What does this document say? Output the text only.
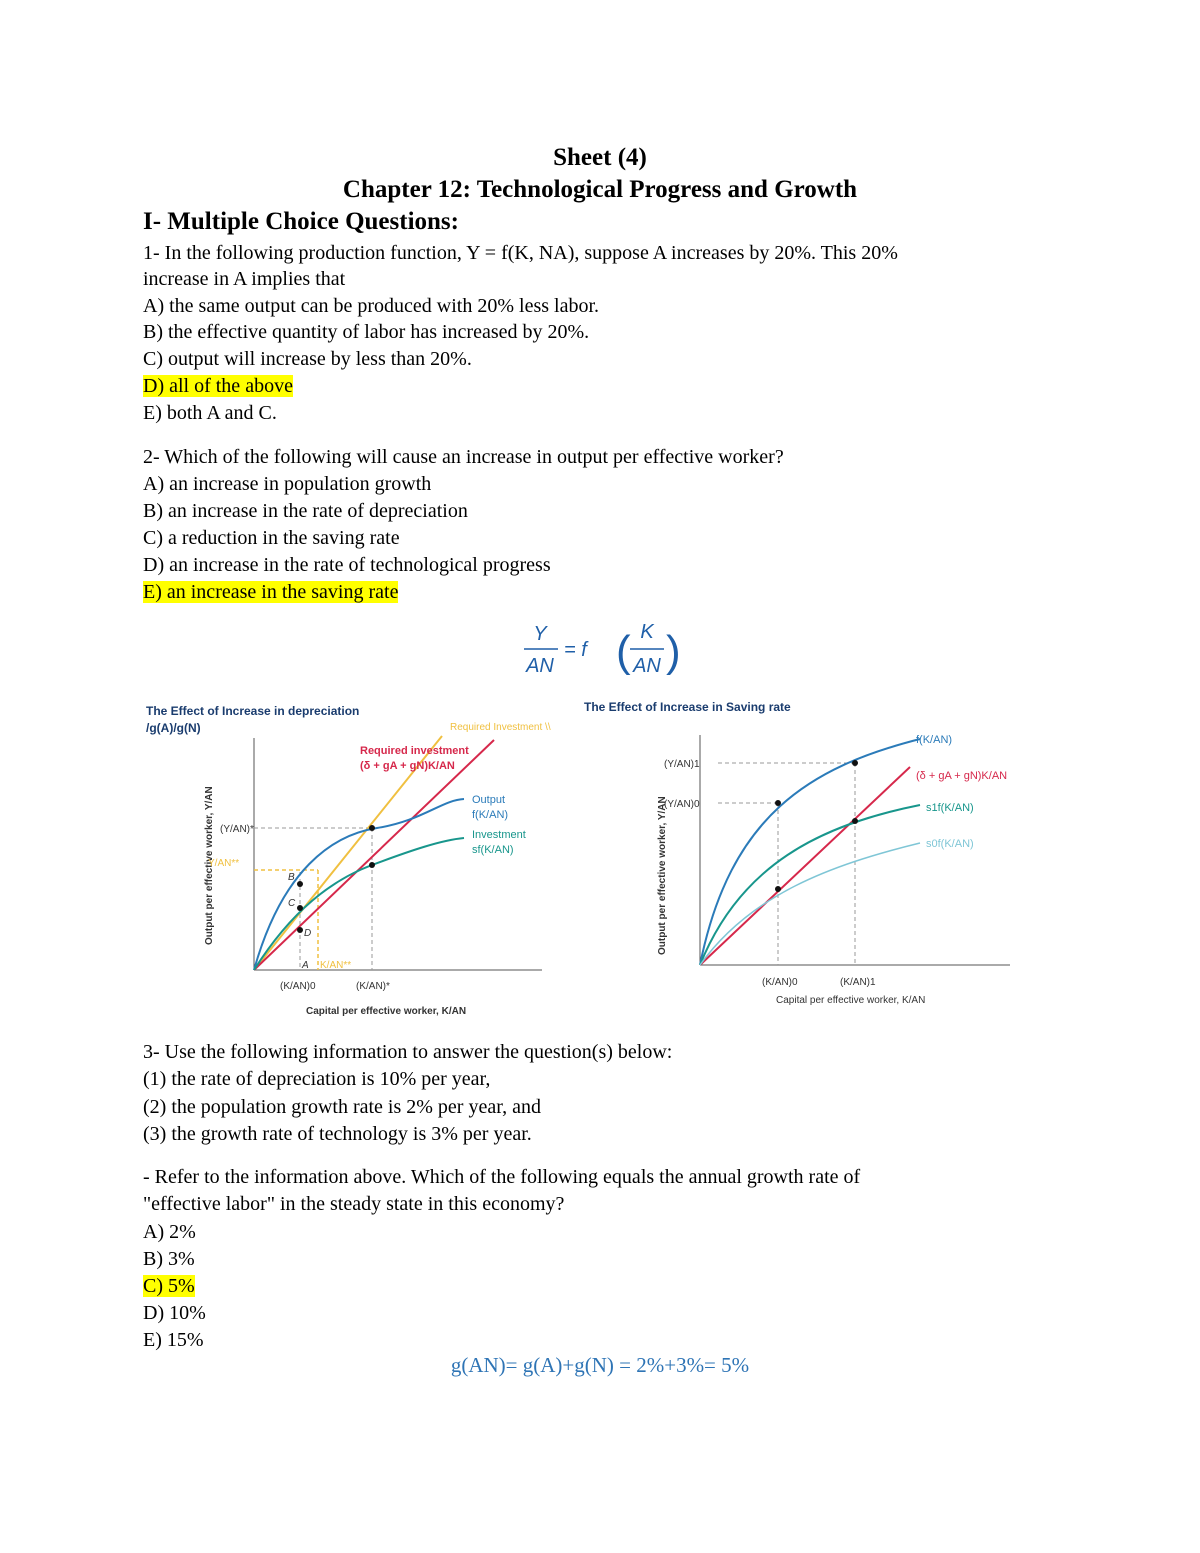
Sheet (4)
Chapter 12: Technological Progress and Growth
I- Multiple Choice Questions:
1- In the following production function, Y = f(K, NA), suppose A increases by 20%. This 20%
increase in A implies that
A) the same output can be produced with 20% less labor.
B) the effective quantity of labor has increased by 20%.
C) output will increase by less than 20%.
D) all of the above
E) both A and C.
2- Which of the following will cause an increase in output per effective worker?
A) an increase in population growth
B) an increase in the rate of depreciation
C) a reduction in the saving rate
D) an increase in the rate of technological progress
E) an increase in the saving rate
Y
AN
= f ( K
AN )
The Effect of Increase in depreciation
/g(A)/g(N)	Required Investment \\
Output per effective worker, Y/AN
Required investment
(δ + gA + gN)K/AN
Output
f(K/AN)
Investment
sf(K/AN)
(Y/AN)*
Y/AN**
B
C
D
A K/AN**
(K/AN)0	(K/AN)*
Capital per effective worker, K/AN
The Effect of Increase in Saving rate
Output per effective worker, Y/AN
f(K/AN)
(δ + gA + gN)K/AN
s1f(K/AN)
s0f(K/AN)
(Y/AN)1
(Y/AN)0
(K/AN)0	(K/AN)1
Capital per effective worker, K/AN
3- Use the following information to answer the question(s) below:
(1) the rate of depreciation is 10% per year,
(2) the population growth rate is 2% per year, and
(3) the growth rate of technology is 3% per year.
- Refer to the information above. Which of the following equals the annual growth rate of
"effective labor" in the steady state in this economy?
A) 2%
B) 3%
C) 5%
D) 10%
E) 15%
g(AN)= g(A)+g(N) = 2%+3%= 5%
